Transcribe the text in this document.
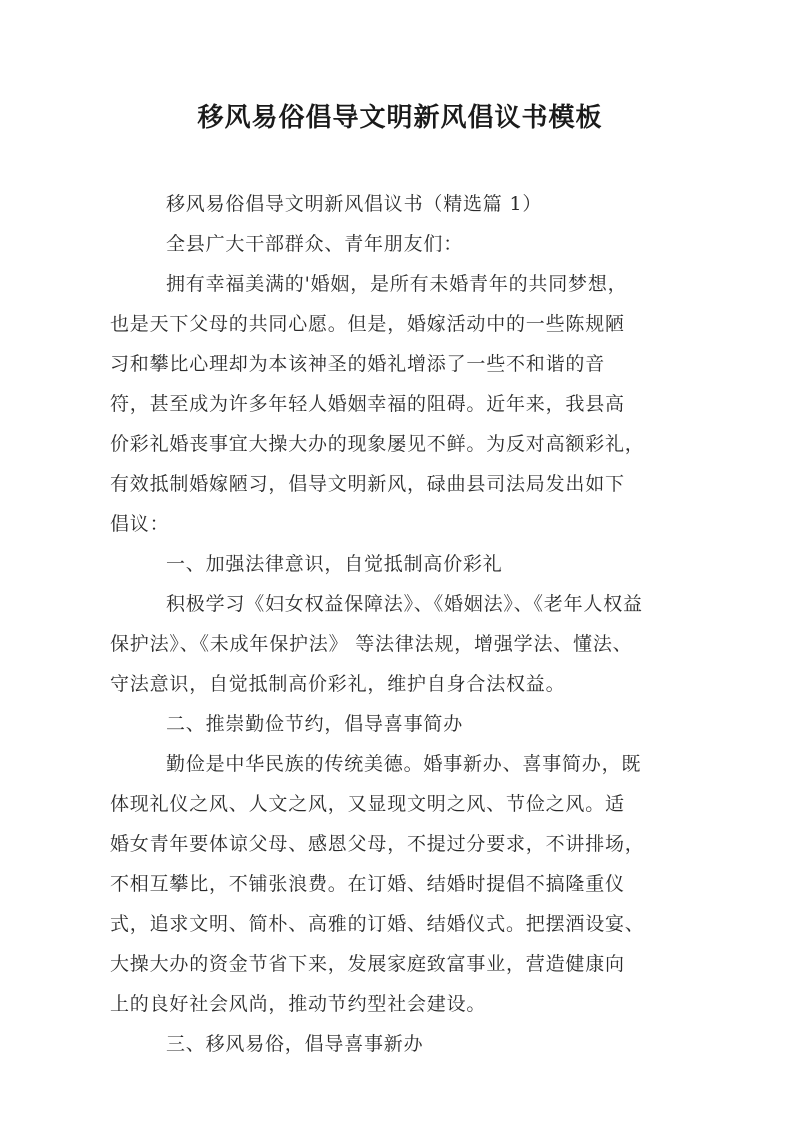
移风易俗倡导文明新风倡议书模板
移风易俗倡导文明新风倡议书（精选篇 1）
全县广大干部群众、青年朋友们：
拥有幸福美满的'婚姻，是所有未婚青年的共同梦想，
也是天下父母的共同心愿。但是，婚嫁活动中的一些陈规陋
习和攀比心理却为本该神圣的婚礼增添了一些不和谐的音
符，甚至成为许多年轻人婚姻幸福的阻碍。近年来，我县高
价彩礼婚丧事宜大操大办的现象屡见不鲜。为反对高额彩礼，
有效抵制婚嫁陋习，倡导文明新风，碌曲县司法局发出如下
倡议：
一、加强法律意识，自觉抵制高价彩礼
积极学习《妇女权益保障法》、《婚姻法》、《老年人权益
保护法》、《未成年保护法》 等法律法规，增强学法、懂法、
守法意识，自觉抵制高价彩礼，维护自身合法权益。
二、推崇勤俭节约，倡导喜事简办
勤俭是中华民族的传统美德。婚事新办、喜事简办，既
体现礼仪之风、人文之风，又显现文明之风、节俭之风。适
婚女青年要体谅父母、感恩父母，不提过分要求，不讲排场，
不相互攀比，不铺张浪费。在订婚、结婚时提倡不搞隆重仪
式，追求文明、简朴、高雅的订婚、结婚仪式。把摆酒设宴、
大操大办的资金节省下来，发展家庭致富事业，营造健康向
上的良好社会风尚，推动节约型社会建设。
三、移风易俗，倡导喜事新办
